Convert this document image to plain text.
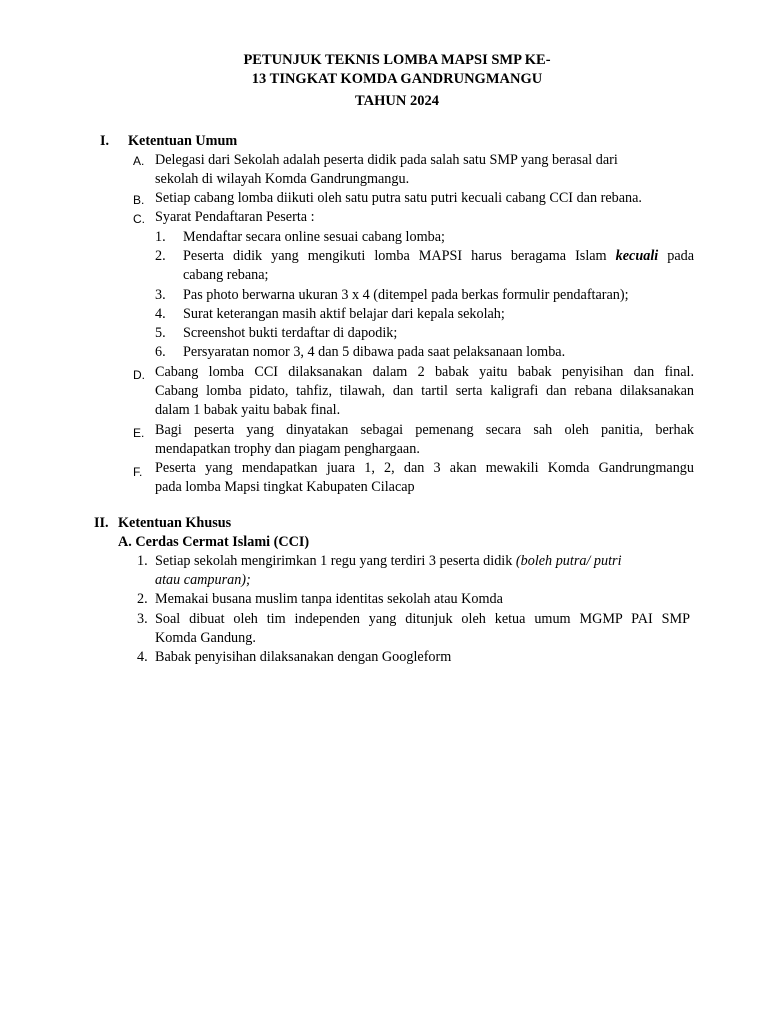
PETUNJUK TEKNIS LOMBA MAPSI SMP KE-
13 TINGKAT KOMDA GANDRUNGMANGU
TAHUN 2024
I. Ketentuan Umum
A. Delegasi dari Sekolah adalah peserta didik pada salah satu SMP yang berasal dari
sekolah di wilayah Komda Gandrungmangu.
B. Setiap cabang lomba diikuti oleh satu putra satu putri kecuali cabang CCI dan rebana.
C. Syarat Pendaftaran Peserta :
1. Mendaftar secara online sesuai cabang lomba;
2. Peserta didik yang mengikuti lomba MAPSI harus beragama Islam kecuali pada
cabang rebana;
3. Pas photo berwarna ukuran 3 x 4 (ditempel pada berkas formulir pendaftaran);
4. Surat keterangan masih aktif belajar dari kepala sekolah;
5. Screenshot bukti terdaftar di dapodik;
6. Persyaratan nomor 3, 4 dan 5 dibawa pada saat pelaksanaan lomba.
D. Cabang lomba CCI dilaksanakan dalam 2 babak yaitu babak penyisihan dan final.
Cabang lomba pidato, tahfiz, tilawah, dan tartil serta kaligrafi dan rebana dilaksanakan
dalam 1 babak yaitu babak final.
E. Bagi peserta yang dinyatakan sebagai pemenang secara sah oleh panitia, berhak
mendapatkan trophy dan piagam penghargaan.
F. Peserta yang mendapatkan juara 1, 2, dan 3 akan mewakili Komda Gandrungmangu
pada lomba Mapsi tingkat Kabupaten Cilacap
II. Ketentuan Khusus
A. Cerdas Cermat Islami (CCI)
1. Setiap sekolah mengirimkan 1 regu yang terdiri 3 peserta didik (boleh putra/ putri
atau campuran);
2. Memakai busana muslim tanpa identitas sekolah atau Komda
3. Soal dibuat oleh tim independen yang ditunjuk oleh ketua umum MGMP PAI SMP
Komda Gandung.
4. Babak penyisihan dilaksanakan dengan Googleform
